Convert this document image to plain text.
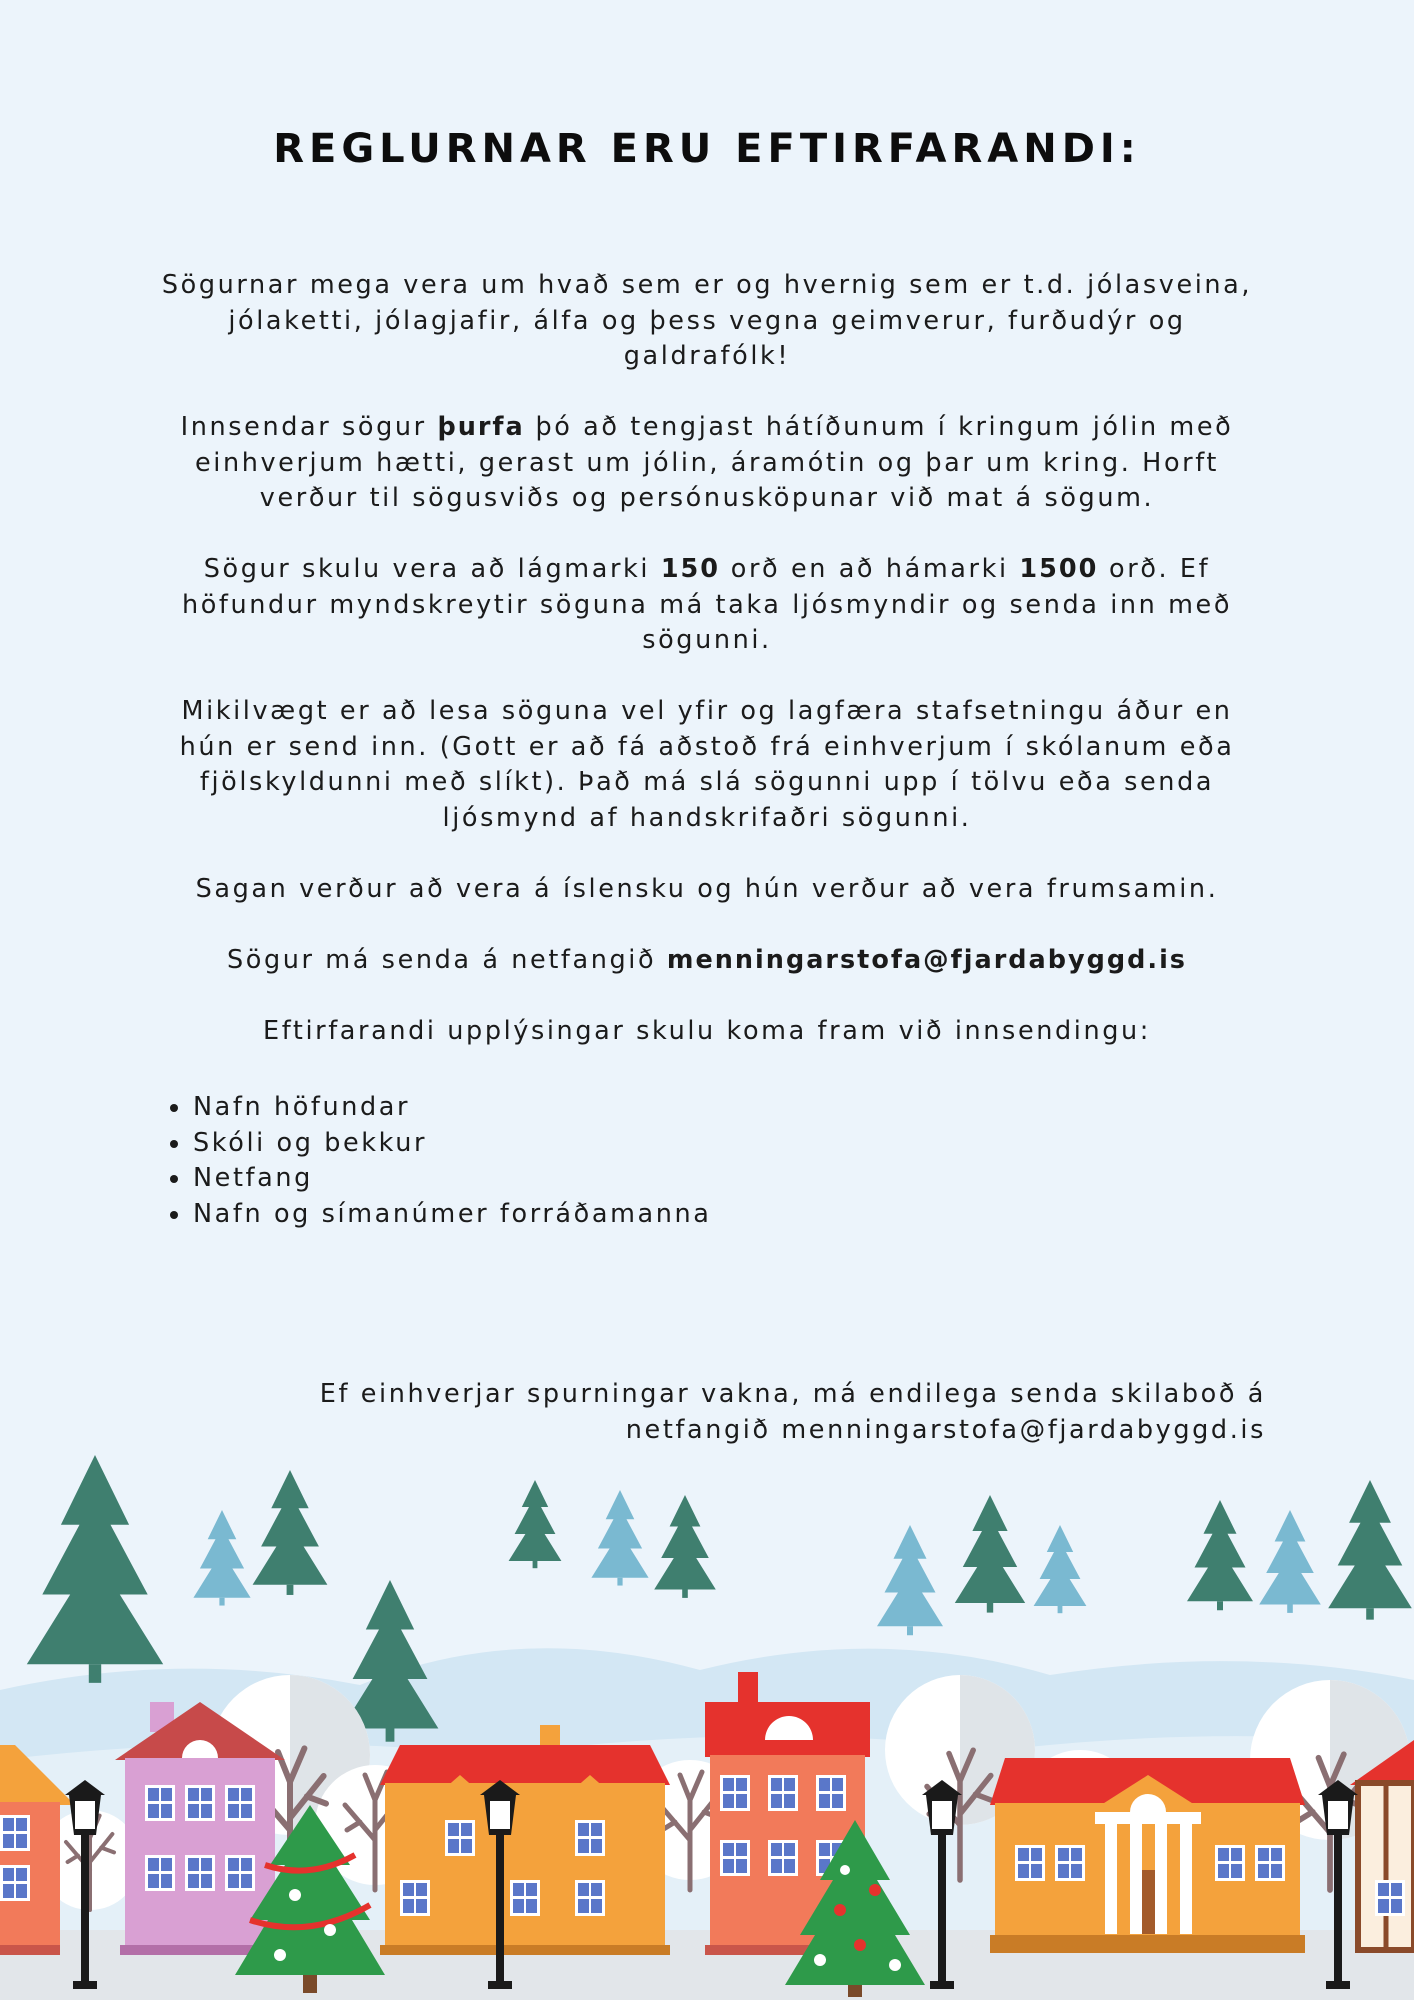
REGLURNAR ERU EFTIRFARANDI:

Sögurnar mega vera um hvað sem er og hvernig sem er t.d. jólasveina, jólaketti, jólagjafir, álfa og þess vegna geimverur, furðudýr og galdrafólk!

Innsendar sögur þurfa þó að tengjast hátíðunum í kringum jólin með einhverjum hætti, gerast um jólin, áramótin og þar um kring. Horft verður til sögusviðs og persónusköpunar við mat á sögum.

Sögur skulu vera að lágmarki 150 orð en að hámarki 1500 orð. Ef höfundur myndskreytir söguna má taka ljósmyndir og senda inn með sögunni.

Mikilvægt er að lesa söguna vel yfir og lagfæra stafsetningu áður en hún er send inn. (Gott er að fá aðstoð frá einhverjum í skólanum eða fjölskyldunni með slíkt). Það má slá sögunni upp í tölvu eða senda ljósmynd af handskrifaðri sögunni.

Sagan verður að vera á íslensku og hún verður að vera frumsamin.

Sögur má senda á netfangið menningarstofa@fjardabyggd.is

Eftirfarandi upplýsingar skulu koma fram við innsendingu:

Nafn höfundar
Skóli og bekkur
Netfang
Nafn og símanúmer forráðamanna
Ef einhverjar spurningar vakna, má endilega senda skilaboð á
netfangið menningarstofa@fjardabyggd.is
